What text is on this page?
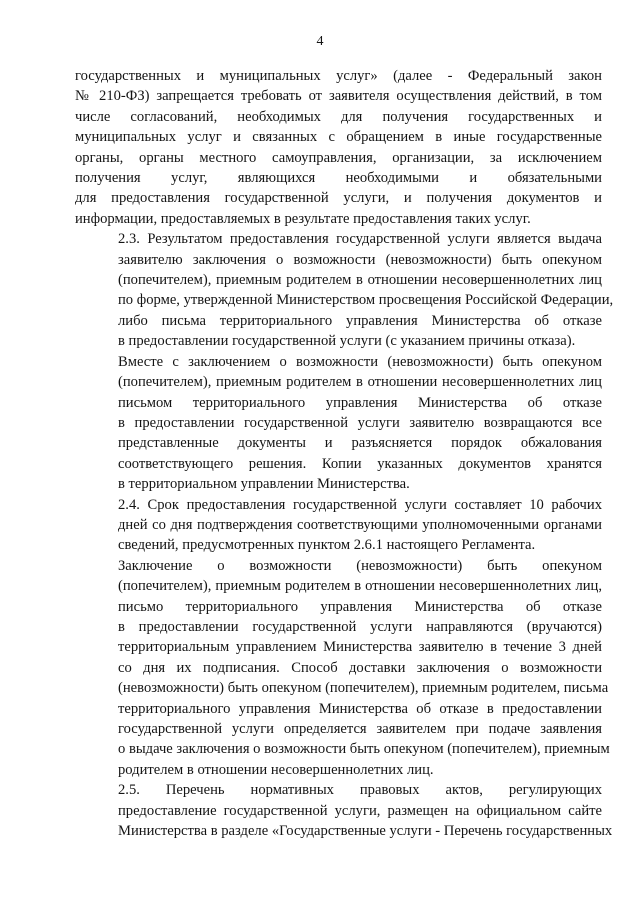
4
государственных и муниципальных услуг» (далее - Федеральный закон
№ 210-ФЗ) запрещается требовать от заявителя осуществления действий, в том
числе согласований, необходимых для получения государственных и
муниципальных услуг и связанных с обращением в иные государственные
органы, органы местного самоуправления, организации, за исключением
получения услуг, являющихся необходимыми и обязательными
для предоставления государственной услуги, и получения документов и
информации, предоставляемых в результате предоставления таких услуг.
2.3. Результатом предоставления государственной услуги является выдача
заявителю заключения о возможности (невозможности) быть опекуном
(попечителем), приемным родителем в отношении несовершеннолетних лиц
по форме, утвержденной Министерством просвещения Российской Федерации,
либо письма территориального управления Министерства об отказе
в предоставлении государственной услуги (с указанием причины отказа).
Вместе с заключением о возможности (невозможности) быть опекуном
(попечителем), приемным родителем в отношении несовершеннолетних лиц
письмом территориального управления Министерства об отказе
в предоставлении государственной услуги заявителю возвращаются все
представленные документы и разъясняется порядок обжалования
соответствующего решения. Копии указанных документов хранятся
в территориальном управлении Министерства.
2.4. Срок предоставления государственной услуги составляет 10 рабочих
дней со дня подтверждения соответствующими уполномоченными органами
сведений, предусмотренных пунктом 2.6.1 настоящего Регламента.
Заключение о возможности (невозможности) быть опекуном
(попечителем), приемным родителем в отношении несовершеннолетних лиц,
письмо территориального управления Министерства об отказе
в предоставлении государственной услуги направляются (вручаются)
территориальным управлением Министерства заявителю в течение 3 дней
со дня их подписания. Способ доставки заключения о возможности
(невозможности) быть опекуном (попечителем), приемным родителем, письма
территориального управления Министерства об отказе в предоставлении
государственной услуги определяется заявителем при подаче заявления
о выдаче заключения о возможности быть опекуном (попечителем), приемным
родителем в отношении несовершеннолетних лиц.
2.5. Перечень нормативных правовых актов, регулирующих
предоставление государственной услуги, размещен на официальном сайте
Министерства в разделе «Государственные услуги - Перечень государственных
